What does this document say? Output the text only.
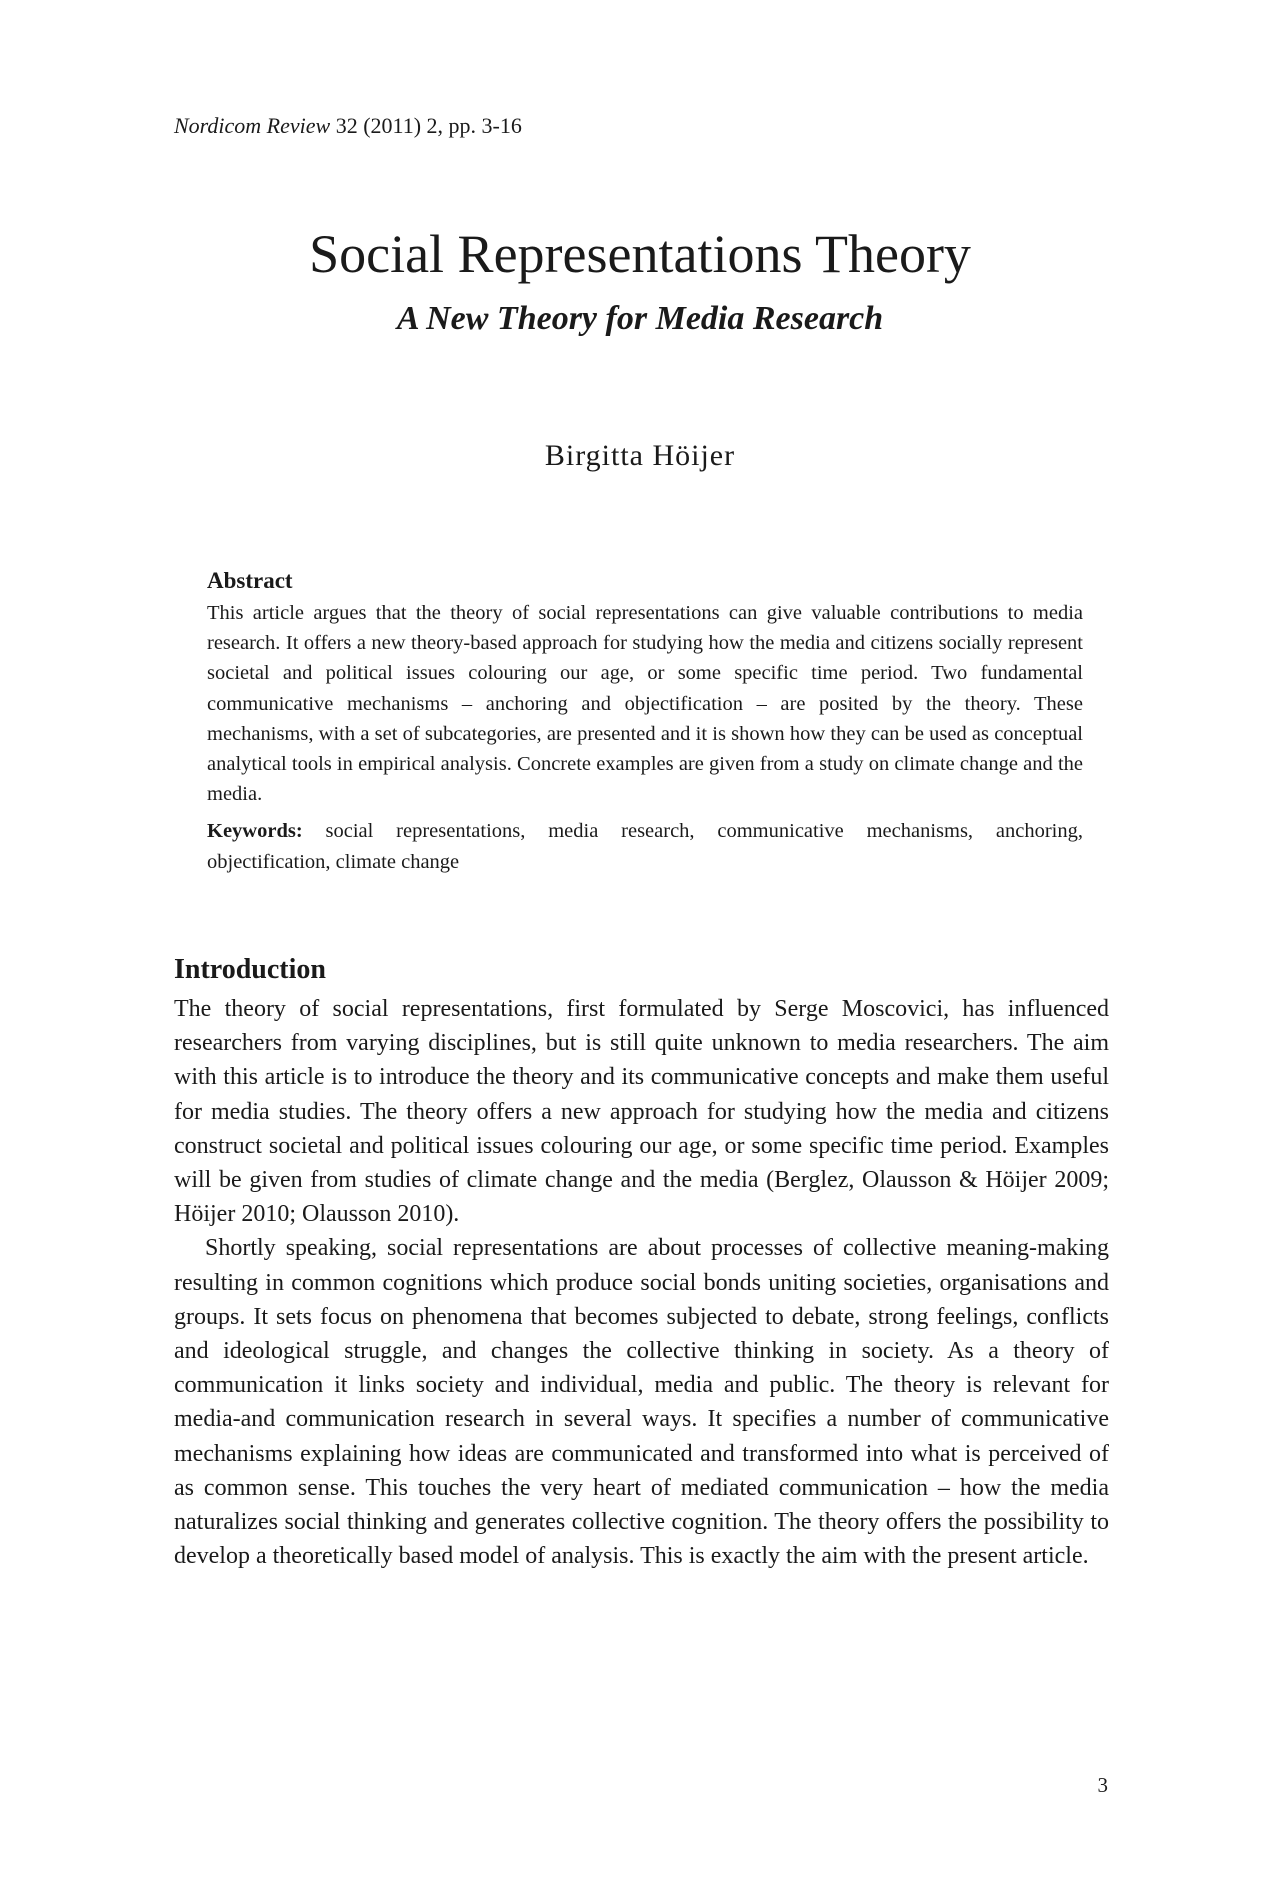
Nordicom Review 32 (2011) 2, pp. 3-16
Social Representations Theory
A New Theory for Media Research
Birgitta Höijer
Abstract

This article argues that the theory of social representations can give valuable contributions to media research. It offers a new theory-based approach for studying how the media and citizens socially represent societal and political issues colouring our age, or some specific time period. Two fundamental communicative mechanisms – anchoring and objectification – are posited by the theory. These mechanisms, with a set of subcategories, are presented and it is shown how they can be used as conceptual analytical tools in empirical analysis. Concrete examples are given from a study on climate change and the media.

Keywords: social representations, media research, communicative mechanisms, anchoring, objectification, climate change

Introduction

The theory of social representations, first formulated by Serge Moscovici, has influenced researchers from varying disciplines, but is still quite unknown to media researchers. The aim with this article is to introduce the theory and its communicative concepts and make them useful for media studies. The theory offers a new approach for studying how the media and citizens construct societal and political issues colouring our age, or some specific time period. Examples will be given from studies of climate change and the media (Berglez, Olausson & Höijer 2009; Höijer 2010; Olausson 2010).

Shortly speaking, social representations are about processes of collective meaning-making resulting in common cognitions which produce social bonds uniting societies, organisations and groups. It sets focus on phenomena that becomes subjected to debate, strong feelings, conflicts and ideological struggle, and changes the collective thinking in society. As a theory of communication it links society and individual, media and public. The theory is relevant for media-and communication research in several ways. It specifies a number of communicative mechanisms explaining how ideas are communicated and transformed into what is perceived of as common sense. This touches the very heart of mediated communication – how the media naturalizes social thinking and generates collective cognition. The theory offers the possibility to develop a theoretically based model of analysis. This is exactly the aim with the present article.

3
